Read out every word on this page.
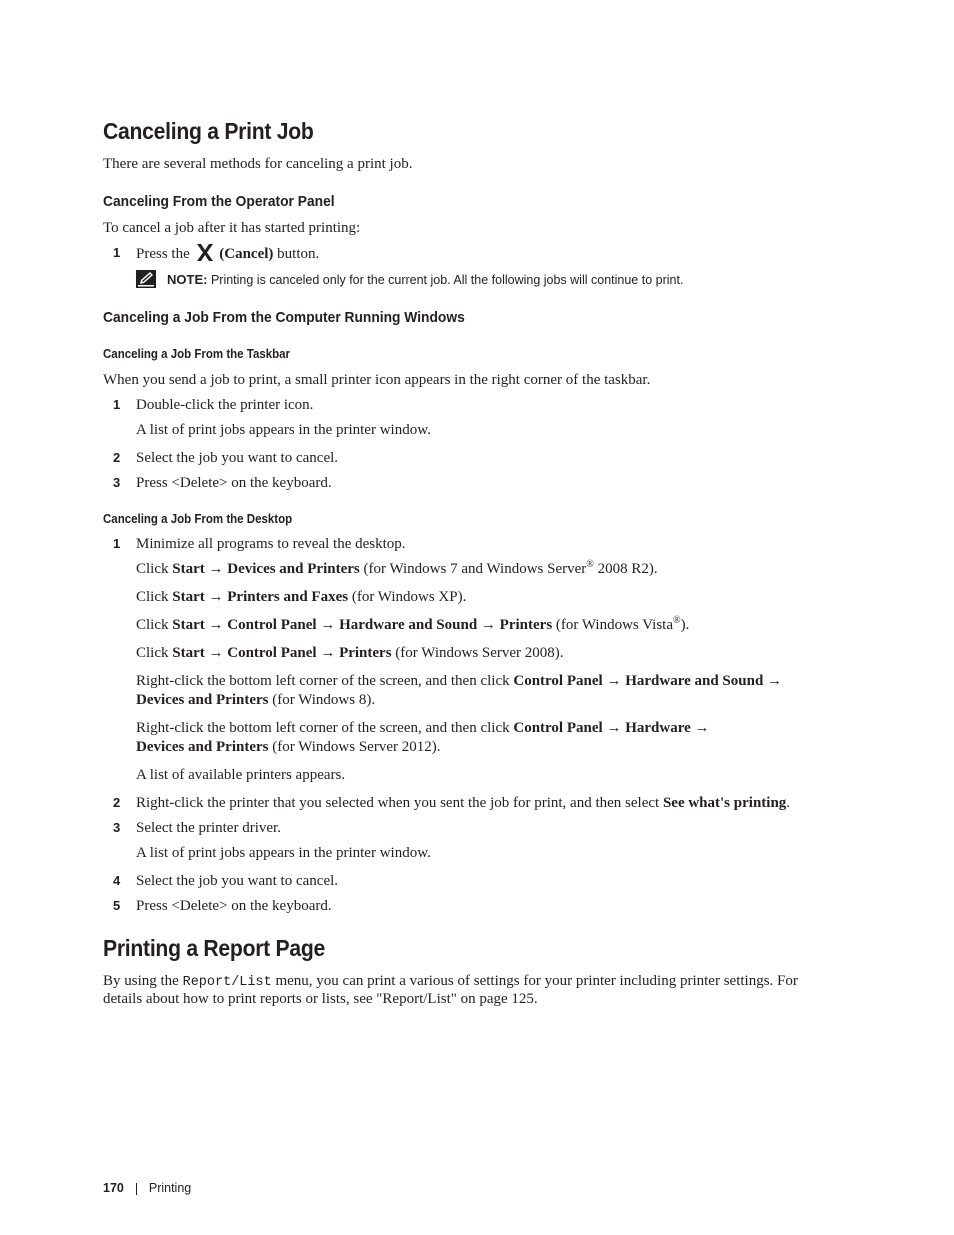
Canceling a Print Job
There are several methods for canceling a print job.
Canceling From the Operator Panel
To cancel a job after it has started printing:
1 Press the (Cancel) button.
NOTE: Printing is canceled only for the current job. All the following jobs will continue to print.
Canceling a Job From the Computer Running Windows
Canceling a Job From the Taskbar
When you send a job to print, a small printer icon appears in the right corner of the taskbar.
1 Double-click the printer icon.
A list of print jobs appears in the printer window.
2 Select the job you want to cancel.
3 Press <Delete> on the keyboard.
Canceling a Job From the Desktop
1 Minimize all programs to reveal the desktop.
Click Start → Devices and Printers (for Windows 7 and Windows Server® 2008 R2).
Click Start → Printers and Faxes (for Windows XP).
Click Start → Control Panel → Hardware and Sound → Printers (for Windows Vista®).
Click Start → Control Panel → Printers (for Windows Server 2008).
Right-click the bottom left corner of the screen, and then click Control Panel → Hardware and Sound →
Devices and Printers (for Windows 8).
Right-click the bottom left corner of the screen, and then click Control Panel → Hardware →
Devices and Printers (for Windows Server 2012).
A list of available printers appears.
2 Right-click the printer that you selected when you sent the job for print, and then select See what's printing.
3 Select the printer driver.
A list of print jobs appears in the printer window.
4 Select the job you want to cancel.
5 Press <Delete> on the keyboard.
Printing a Report Page
By using the Report/List menu, you can print a various of settings for your printer including printer settings. For
details about how to print reports or lists, see "Report/List" on page 125.
170 Printing
